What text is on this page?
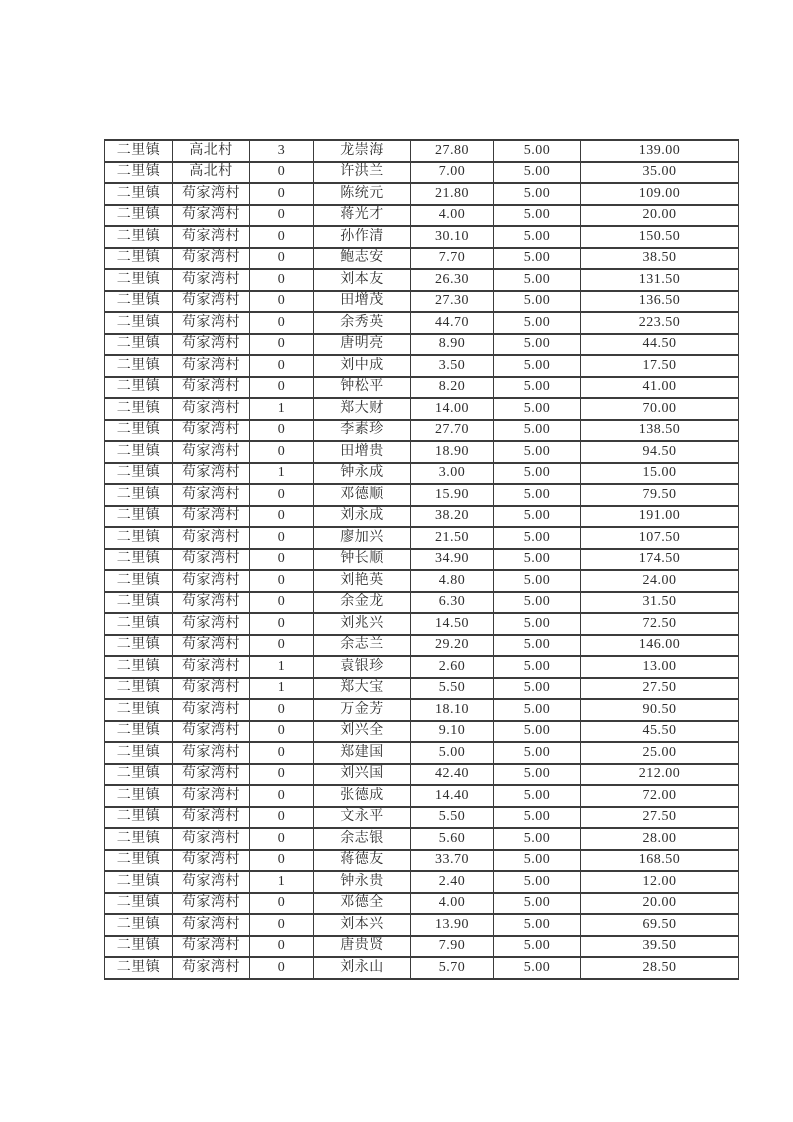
二里镇	高北村	3	龙崇海	27.80	5.00	139.00
二里镇	高北村	0	许洪兰	7.00	5.00	35.00
二里镇	苟家湾村	0	陈统元	21.80	5.00	109.00
二里镇	苟家湾村	0	蒋光才	4.00	5.00	20.00
二里镇	苟家湾村	0	孙作清	30.10	5.00	150.50
二里镇	苟家湾村	0	鲍志安	7.70	5.00	38.50
二里镇	苟家湾村	0	刘本友	26.30	5.00	131.50
二里镇	苟家湾村	0	田增茂	27.30	5.00	136.50
二里镇	苟家湾村	0	余秀英	44.70	5.00	223.50
二里镇	苟家湾村	0	唐明亮	8.90	5.00	44.50
二里镇	苟家湾村	0	刘中成	3.50	5.00	17.50
二里镇	苟家湾村	0	钟松平	8.20	5.00	41.00
二里镇	苟家湾村	1	郑大财	14.00	5.00	70.00
二里镇	苟家湾村	0	李素珍	27.70	5.00	138.50
二里镇	苟家湾村	0	田增贵	18.90	5.00	94.50
二里镇	苟家湾村	1	钟永成	3.00	5.00	15.00
二里镇	苟家湾村	0	邓德顺	15.90	5.00	79.50
二里镇	苟家湾村	0	刘永成	38.20	5.00	191.00
二里镇	苟家湾村	0	廖加兴	21.50	5.00	107.50
二里镇	苟家湾村	0	钟长顺	34.90	5.00	174.50
二里镇	苟家湾村	0	刘艳英	4.80	5.00	24.00
二里镇	苟家湾村	0	余金龙	6.30	5.00	31.50
二里镇	苟家湾村	0	刘兆兴	14.50	5.00	72.50
二里镇	苟家湾村	0	余志兰	29.20	5.00	146.00
二里镇	苟家湾村	1	袁银珍	2.60	5.00	13.00
二里镇	苟家湾村	1	郑大宝	5.50	5.00	27.50
二里镇	苟家湾村	0	万金芳	18.10	5.00	90.50
二里镇	苟家湾村	0	刘兴全	9.10	5.00	45.50
二里镇	苟家湾村	0	郑建国	5.00	5.00	25.00
二里镇	苟家湾村	0	刘兴国	42.40	5.00	212.00
二里镇	苟家湾村	0	张德成	14.40	5.00	72.00
二里镇	苟家湾村	0	文永平	5.50	5.00	27.50
二里镇	苟家湾村	0	余志银	5.60	5.00	28.00
二里镇	苟家湾村	0	蒋德友	33.70	5.00	168.50
二里镇	苟家湾村	1	钟永贵	2.40	5.00	12.00
二里镇	苟家湾村	0	邓德全	4.00	5.00	20.00
二里镇	苟家湾村	0	刘本兴	13.90	5.00	69.50
二里镇	苟家湾村	0	唐贵贤	7.90	5.00	39.50
二里镇	苟家湾村	0	刘永山	5.70	5.00	28.50
